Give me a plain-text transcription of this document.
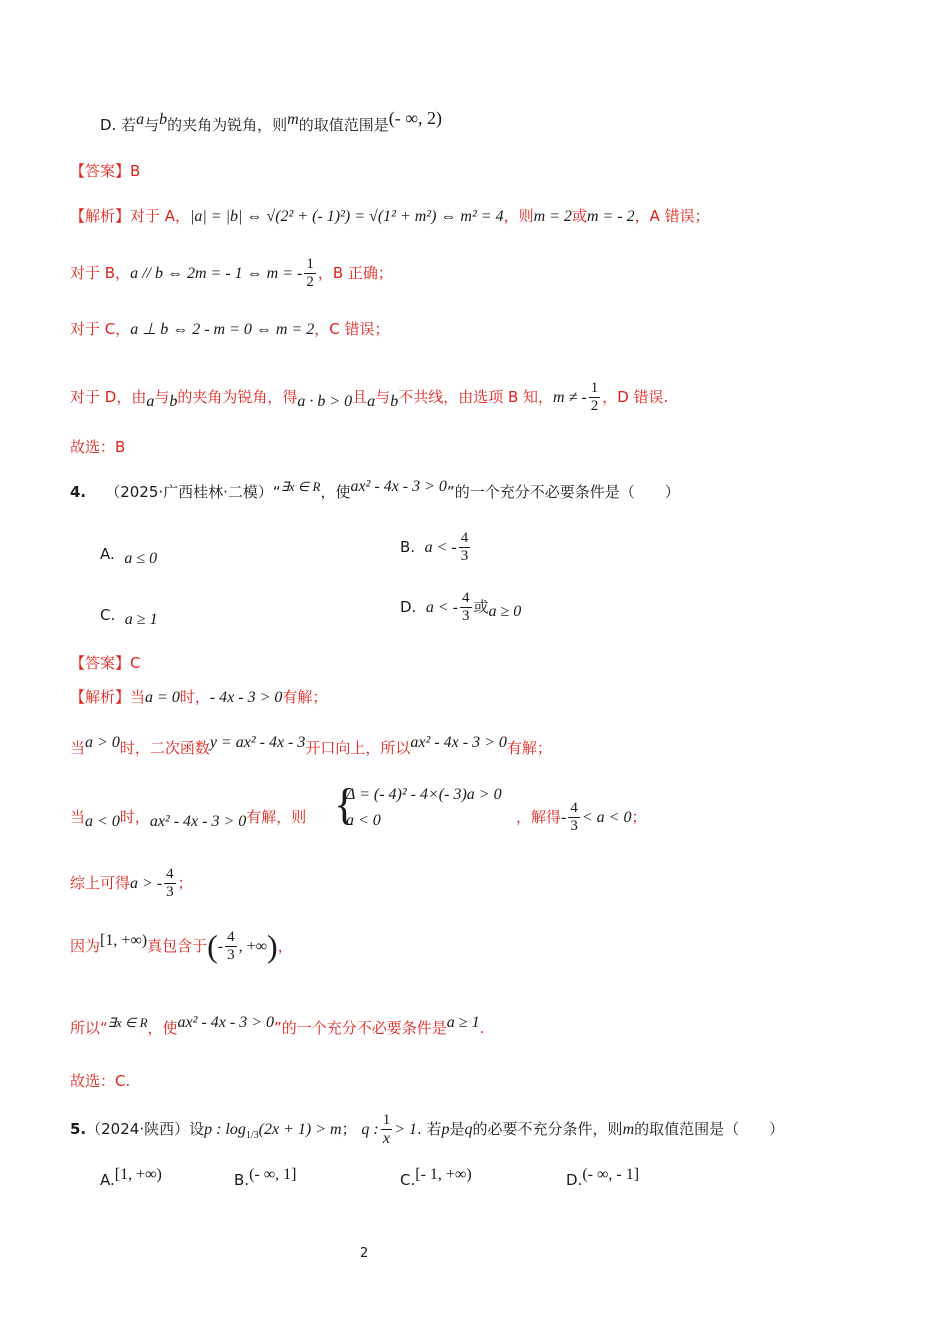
D. 若$^a$与$^b$的夹角为锐角，则$^m$的取值范围是$^{(- \infty, 2)}$
【答案】B
【解析】对于 A，|a| = |b| ⇔ √(2² + (- 1)²) = √(1² + m²) ⇔ m² = 4，则m = 2或m = - 2，A 错误；
对于 B，a // b ⇔ 2m = - 1 ⇔ m = - $\frac{1}{2}$ ，B 正确；
对于 C，a ⊥ b ⇔ 2 - m = 0 ⇔ m = 2，C 错误；
对于 D，由$_a$与$_b$的夹角为锐角，得$_{a \cdot b > 0}$且$_a$与$_b$不共线，由选项 B 知，m ≠ - $\frac{1}{2}$ ，D 错误.
故选：B
4. （2025·广西桂林·二模）“$^{\exists x \in R}$，使$^{ax^2 - 4x - 3 > 0}$”的一个充分不必要条件是（　　）
A. $_{a \le 0}$
B. a < - $\frac{4}{3}$
C. $_{a \ge 1}$
D. a < - $\frac{4}{3}$ 或$_{a \ge 0}$
【答案】C
【解析】当a = 0时，- 4x - 3 > 0有解；
当$^{a > 0}$时，二次函数$^{y = ax^2 - 4x - 3}$开口向上，所以$^{ax^2 - 4x - 3 > 0}$有解；
当$_{a < 0}$时，$_{ax^2 - 4x - 3 > 0}$有解，则 {
Δ = (- 4)² - 4×(- 3)a > 0
a < 0	，解得- $\frac{4}{3} < a < 0$；
综上可得a > - $\frac{4}{3}$ ；
因为$^{[1, +\infty)}$真包含于(- $\frac{4}{3}$ , +∞)，
所以“$^{\exists x \in R}$，使$^{ax^2 - 4x - 3 > 0}$”的一个充分不必要条件是$^{a \ge 1}$.
故选：C.
5.（2024·陕西）设p : $\log_{1/3}(2x + 1) > m$； q : $\frac{1}{x} > 1$. 若p是q的必要不充分条件，则m的取值范围是（　　）
A.$^{[1, +\infty)}$	B.$^{(- \infty, 1]}$	C.$^{[- 1, +\infty)}$	D.$^{(- \infty, - 1]}$
2
